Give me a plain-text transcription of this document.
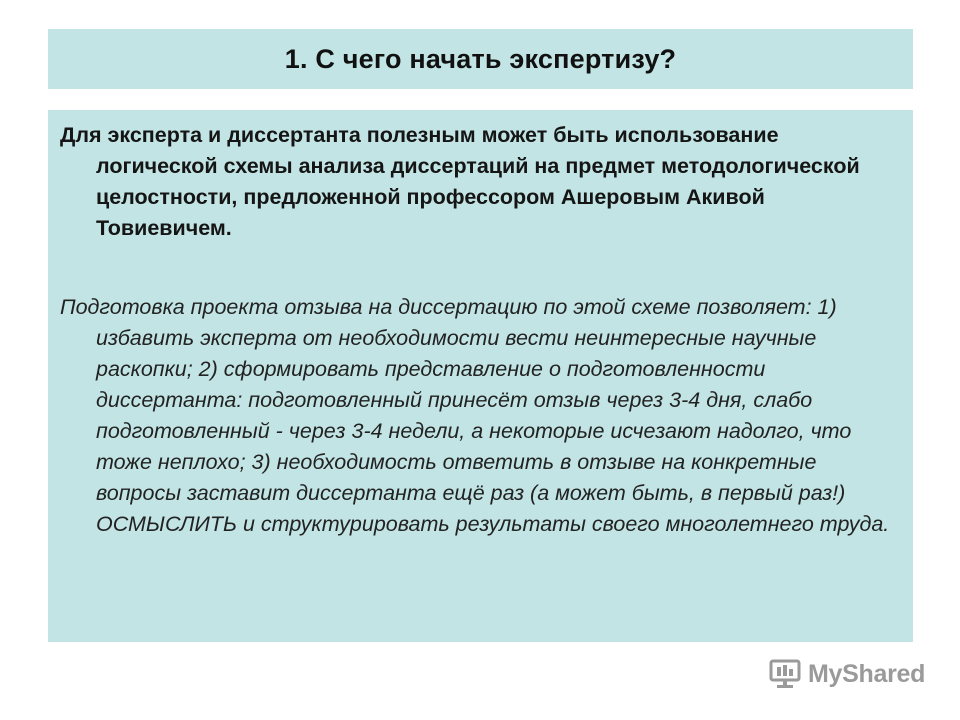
1. С чего начать экспертизу?

Для эксперта и диссертанта полезным может быть использование логической схемы анализа диссертаций на предмет методологической целостности, предложенной профессором Ашеровым Акивой Товиевичем.

Подготовка проекта отзыва на диссертацию по этой схеме позволяет: 1) избавить эксперта от необходимости вести неинтересные научные раскопки; 2) сформировать представление о подготовленности диссертанта: подготовленный принесёт отзыв через 3-4 дня, слабо подготовленный - через 3-4 недели, а некоторые исчезают надолго, что тоже неплохо; 3) необходимость ответить в отзыве на конкретные вопросы заставит диссертанта ещё раз (а может быть, в первый раз!) ОСМЫСЛИТЬ и структурировать результаты своего многолетнего труда.

MyShared
